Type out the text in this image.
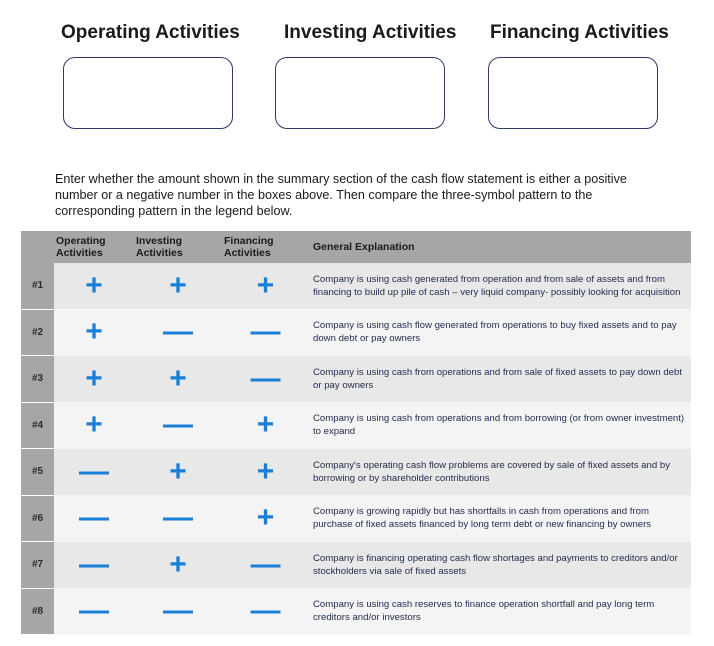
Operating Activities Investing Activities Financing Activities
Enter whether the amount shown in the summary section of the cash flow statement is either a positive number or a negative number in the boxes above. Then compare the three-symbol pattern to the corresponding pattern in the legend below.

	Operating Activities	Investing Activities	Financing Activities	General Explanation
#1	+	+	+	Company is using cash generated from operation and from sale of assets and from financing to build up pile of cash – very liquid company- possibly looking for acquisition
#2	+	—	—	Company is using cash flow generated from operations to buy fixed assets and to pay down debt or pay owners
#3	+	+	—	Company is using cash from operations and from sale of fixed assets to pay down debt or pay owners
#4	+	—	+	Company is using cash from operations and from borrowing (or from owner investment) to expand
#5	—	+	+	Company's operating cash flow problems are covered by sale of fixed assets and by borrowing or by shareholder contributions
#6	—	—	+	Company is growing rapidly but has shortfalls in cash from operations and from purchase of fixed assets financed by long term debt or new financing by owners
#7	—	+	—	Company is financing operating cash flow shortages and payments to creditors and/or stockholders via sale of fixed assets
#8	—	—	—	Company is using cash reserves to finance operation shortfall and pay long term creditors and/or investors
